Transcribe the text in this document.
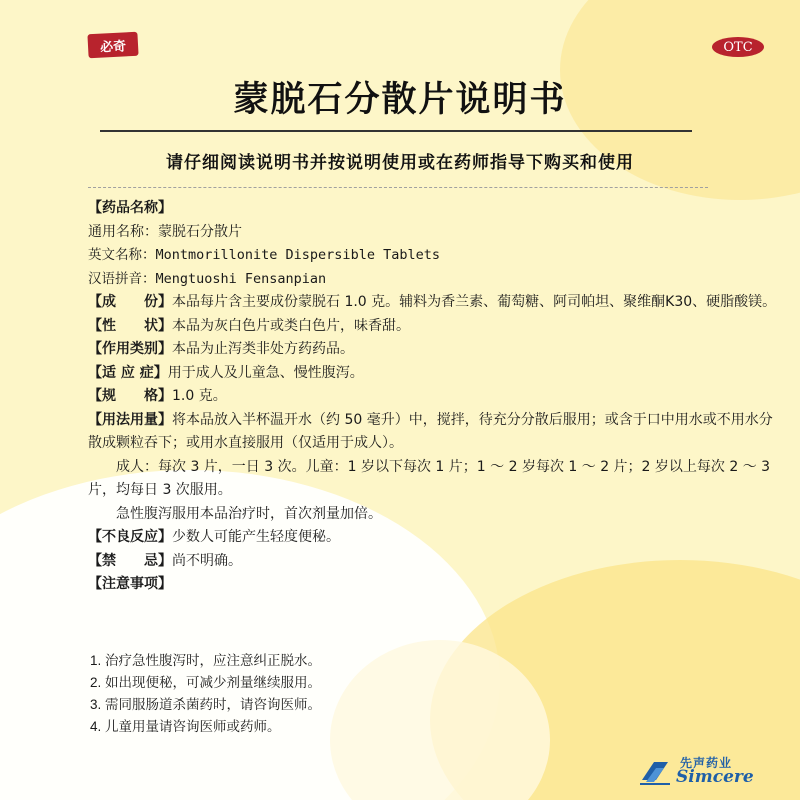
必奇	OTC
蒙脱石分散片说明书
请仔细阅读说明书并按说明使用或在药师指导下购买和使用

【药品名称】

通用名称：蒙脱石分散片

英文名称：Montmorillonite Dispersible Tablets

汉语拼音：Mengtuoshi Fensanpian

【成　　份】本品每片含主要成份蒙脱石 1.0 克。辅料为香兰素、葡萄糖、阿司帕坦、聚维酮K30、硬脂酸镁。

【性　　状】本品为灰白色片或类白色片，味香甜。

【作用类别】本品为止泻类非处方药药品。

【适 应 症】用于成人及儿童急、慢性腹泻。

【规　　格】1.0 克。

【用法用量】将本品放入半杯温开水（约 50 毫升）中，搅拌，待充分分散后服用；或含于口中用水或不用水分散成颗粒吞下；或用水直接服用（仅适用于成人）。

成人：每次 3 片，一日 3 次。儿童：1 岁以下每次 1 片；1 ～ 2 岁每次 1 ～ 2 片；2 岁以上每次 2 ～ 3 片，均每日 3 次服用。

急性腹泻服用本品治疗时，首次剂量加倍。

【不良反应】少数人可能产生轻度便秘。

【禁　　忌】尚不明确。

【注意事项】

1. 治疗急性腹泻时，应注意纠正脱水。

2. 如出现便秘，可减少剂量继续服用。

3. 需同服肠道杀菌药时，请咨询医师。

4. 儿童用量请咨询医师或药师。

先声药业
Simcere
